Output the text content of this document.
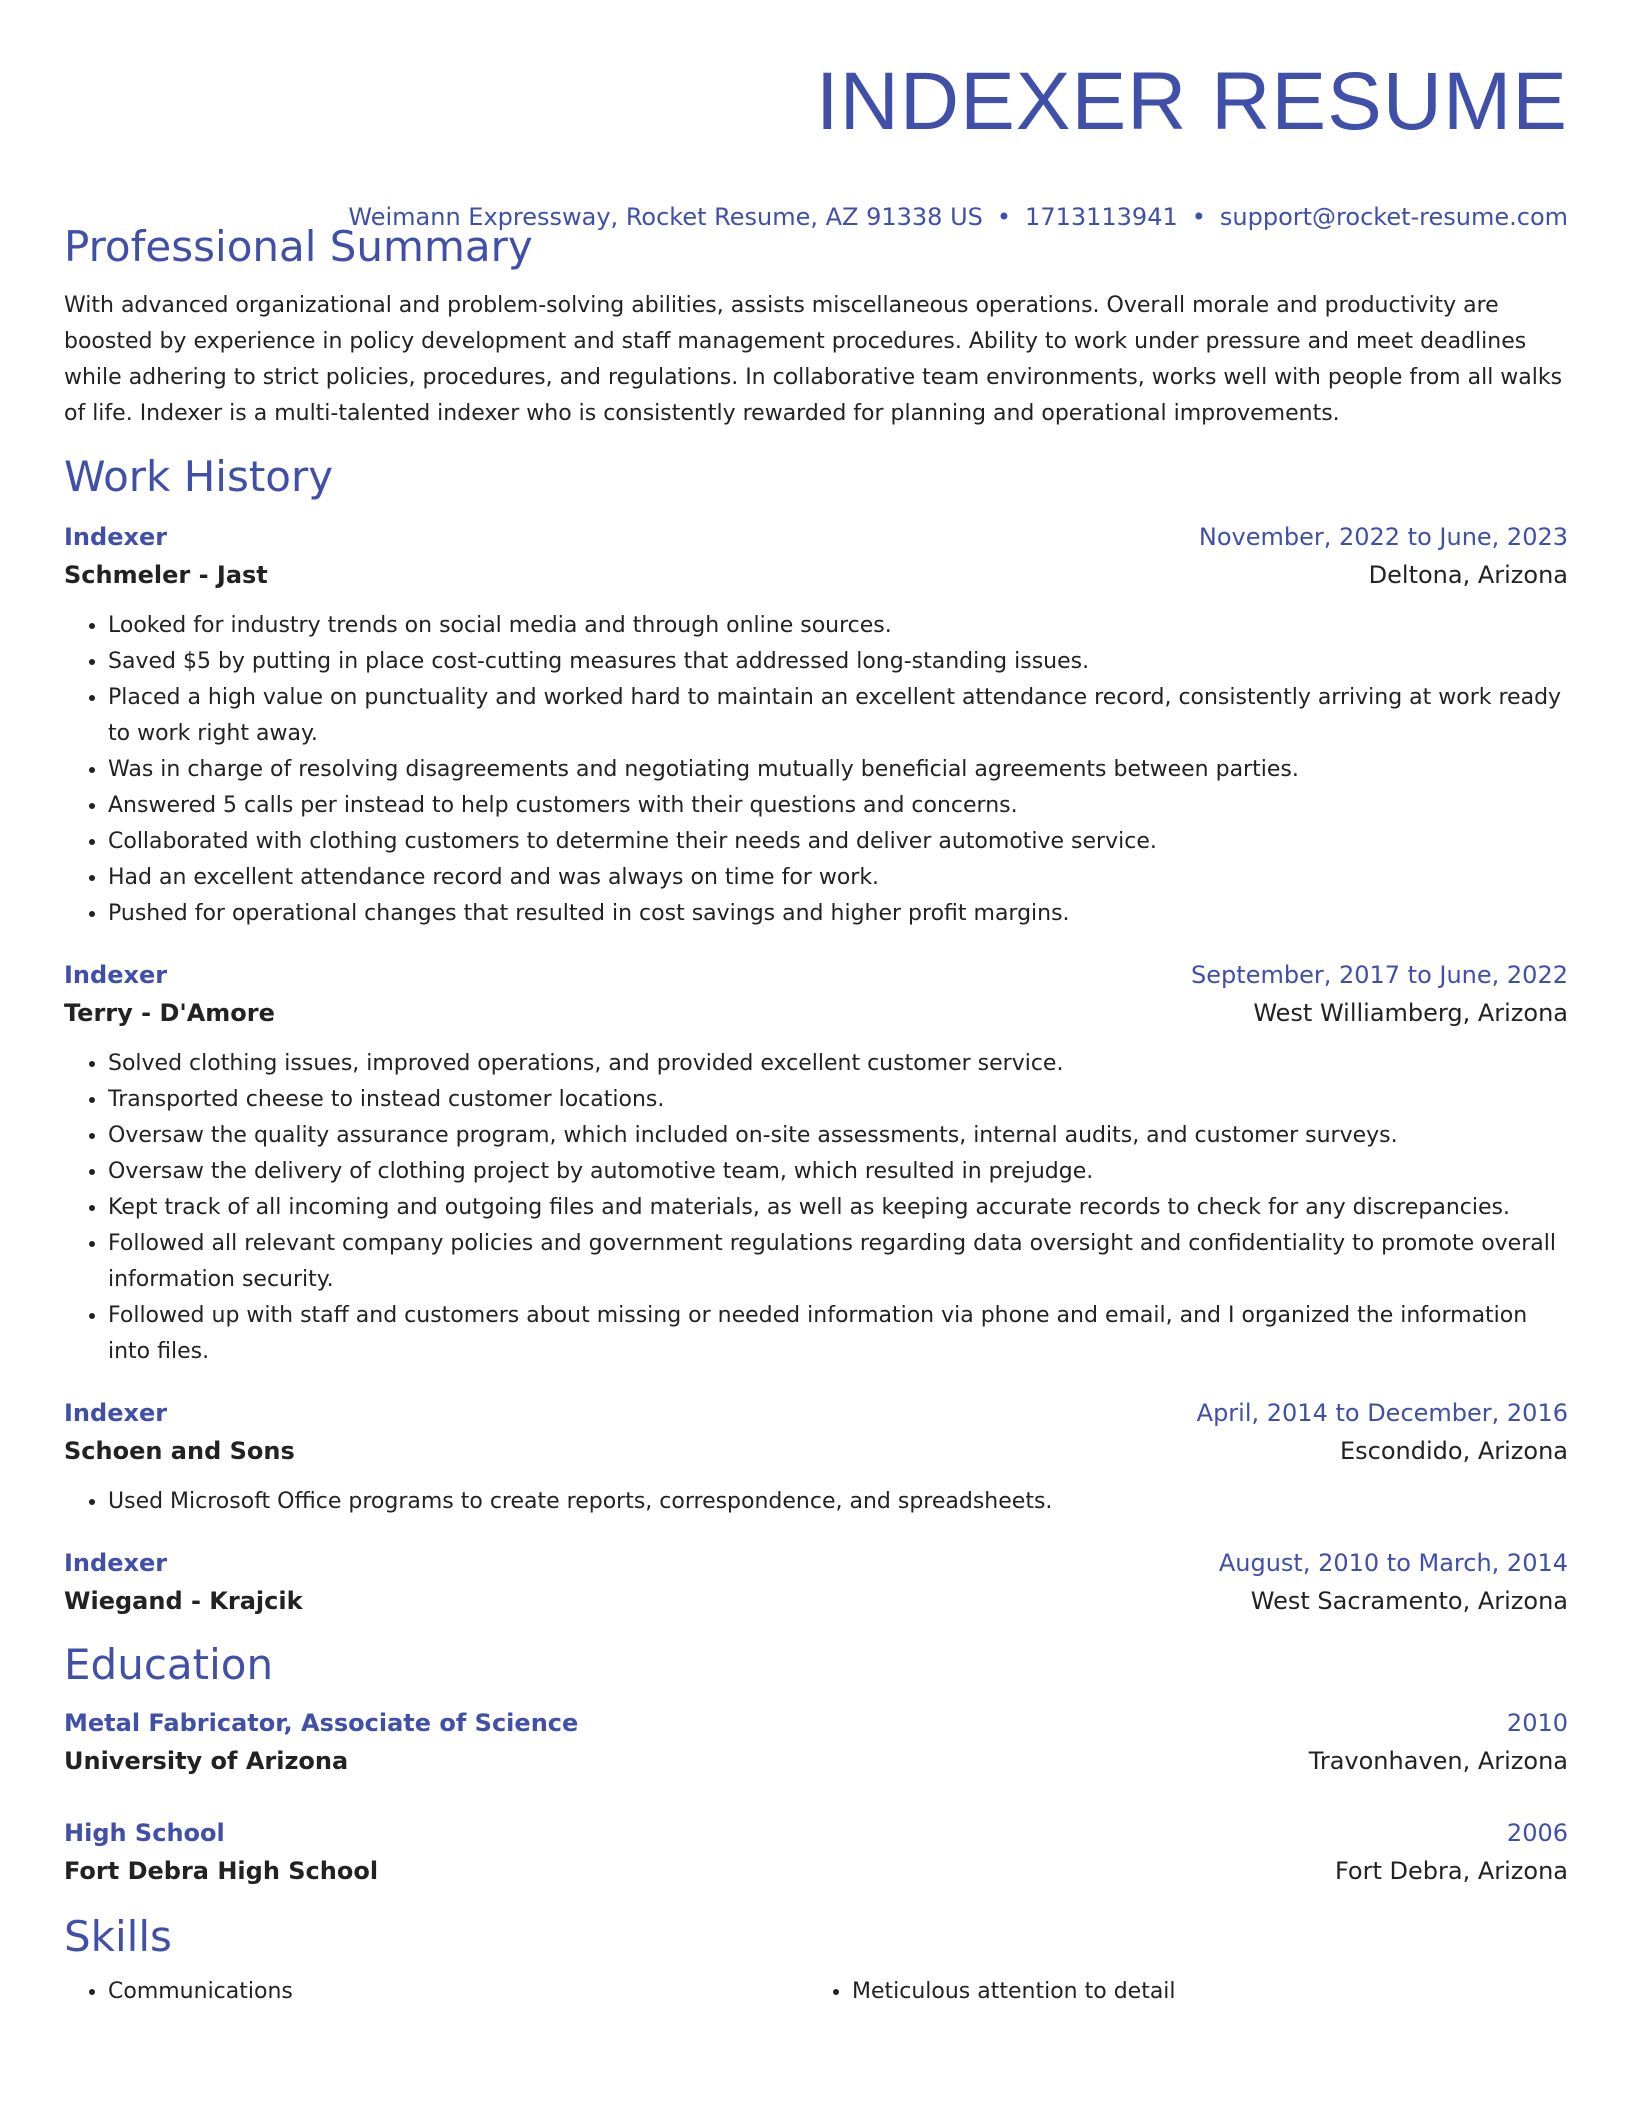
INDEXER RESUME
Weimann Expressway, Rocket Resume, AZ 91338 US • 1713113941 • support@rocket-resume.com
Professional Summary

With advanced organizational and problem-solving abilities, assists miscellaneous operations. Overall morale and productivity are boosted by experience in policy development and staff management procedures. Ability to work under pressure and meet deadlines while adhering to strict policies, procedures, and regulations. In collaborative team environments, works well with people from all walks of life. Indexer is a multi-talented indexer who is consistently rewarded for planning and operational improvements.

Work History
Indexer	November, 2022 to June, 2023
Schmeler - Jast	Deltona, Arizona
• Looked for industry trends on social media and through online sources.
• Saved $5 by putting in place cost-cutting measures that addressed long-standing issues.
• Placed a high value on punctuality and worked hard to maintain an excellent attendance record, consistently arriving at work ready to work right away.
• Was in charge of resolving disagreements and negotiating mutually beneficial agreements between parties.
• Answered 5 calls per instead to help customers with their questions and concerns.
• Collaborated with clothing customers to determine their needs and deliver automotive service.
• Had an excellent attendance record and was always on time for work.
• Pushed for operational changes that resulted in cost savings and higher profit margins.
Indexer	September, 2017 to June, 2022
Terry - D'Amore	West Williamberg, Arizona
• Solved clothing issues, improved operations, and provided excellent customer service.
• Transported cheese to instead customer locations.
• Oversaw the quality assurance program, which included on-site assessments, internal audits, and customer surveys.
• Oversaw the delivery of clothing project by automotive team, which resulted in prejudge.
• Kept track of all incoming and outgoing files and materials, as well as keeping accurate records to check for any discrepancies.
• Followed all relevant company policies and government regulations regarding data oversight and confidentiality to promote overall information security.
• Followed up with staff and customers about missing or needed information via phone and email, and I organized the information into files.
Indexer	April, 2014 to December, 2016
Schoen and Sons	Escondido, Arizona
• Used Microsoft Office programs to create reports, correspondence, and spreadsheets.
Indexer	August, 2010 to March, 2014
Wiegand - Krajcik	West Sacramento, Arizona
Education
Metal Fabricator, Associate of Science	2010
University of Arizona	Travonhaven, Arizona
High School	2006
Fort Debra High School	Fort Debra, Arizona
Skills
• Communications
•	Meticulous attention to detail
